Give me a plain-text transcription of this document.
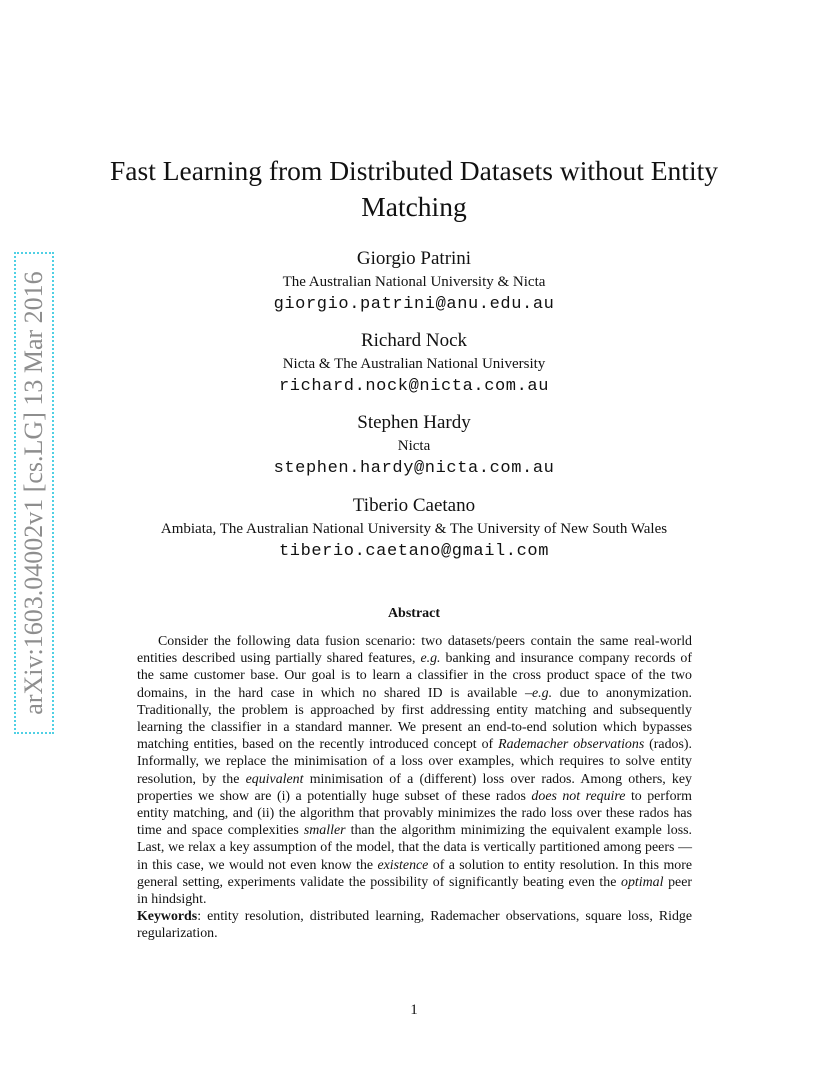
arXiv:1603.04002v1 [cs.LG] 13 Mar 2016
Fast Learning from Distributed Datasets without Entity Matching
Giorgio Patrini
The Australian National University & Nicta
giorgio.patrini@anu.edu.au
Richard Nock
Nicta & The Australian National University
richard.nock@nicta.com.au
Stephen Hardy
Nicta
stephen.hardy@nicta.com.au
Tiberio Caetano
Ambiata, The Australian National University & The University of New South Wales
tiberio.caetano@gmail.com
Abstract

Consider the following data fusion scenario: two datasets/peers contain the same real-world entities described using partially shared features, e.g. banking and insurance company records of the same customer base. Our goal is to learn a classifier in the cross product space of the two domains, in the hard case in which no shared ID is available –e.g. due to anonymization. Traditionally, the problem is approached by first addressing entity matching and subsequently learning the classifier in a standard manner. We present an end-to-end solution which bypasses matching entities, based on the recently introduced concept of Rademacher observations (rados). Informally, we replace the minimisation of a loss over examples, which requires to solve entity resolution, by the equivalent minimisation of a (different) loss over rados. Among others, key properties we show are (i) a potentially huge subset of these rados does not require to perform entity matching, and (ii) the algorithm that provably minimizes the rado loss over these rados has time and space complexities smaller than the algorithm minimizing the equivalent example loss. Last, we relax a key assumption of the model, that the data is vertically partitioned among peers — in this case, we would not even know the existence of a solution to entity resolution. In this more general setting, experiments validate the possibility of significantly beating even the optimal peer in hindsight.

Keywords: entity resolution, distributed learning, Rademacher observations, square loss, Ridge regularization.

1
